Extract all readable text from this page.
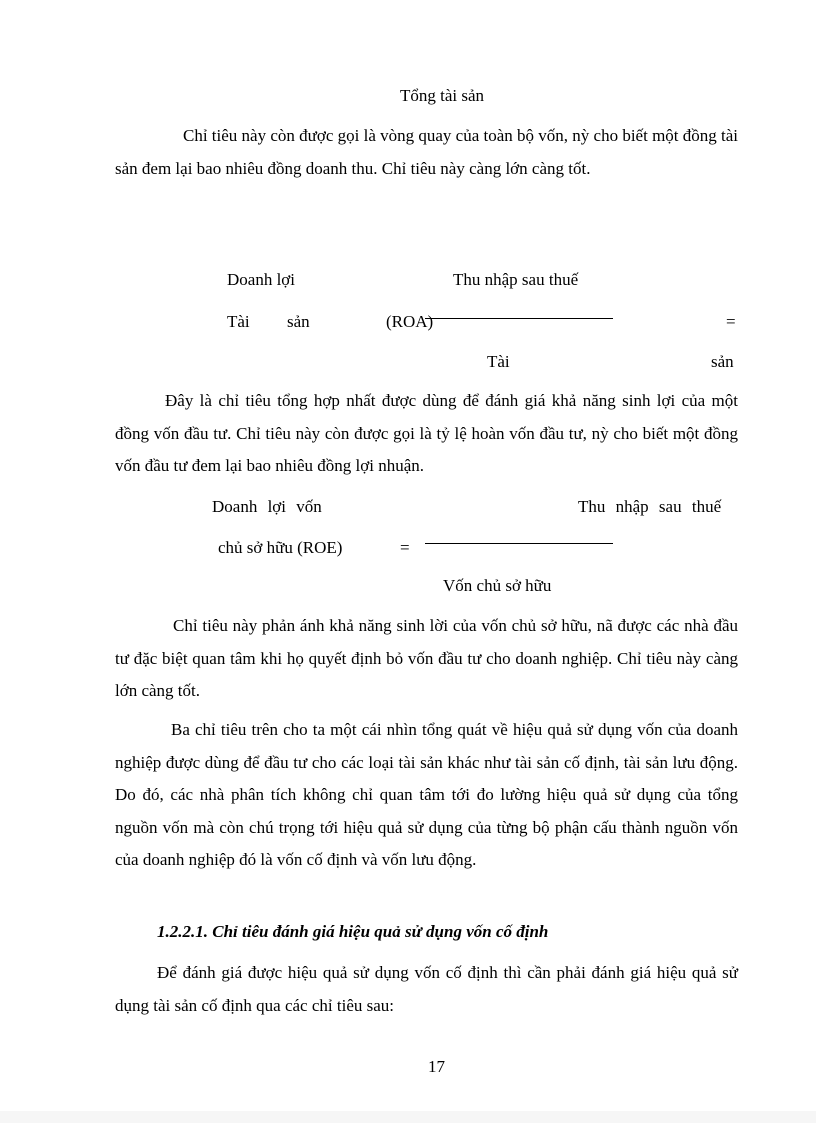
Tổng tài sản
Chỉ tiêu này còn được gọi là vòng quay của toàn bộ vốn, nỳ cho biết một đồng tài sản đem lại bao nhiêu đồng doanh thu. Chỉ tiêu này càng lớn càng tốt.
Doanh lợi	Thu nhập sau thuế
Tài sản	(ROA)	=
Tài	sản
Đây là chỉ tiêu tổng hợp nhất được dùng để đánh giá khả năng sinh lợi của một đồng vốn đầu tư. Chỉ tiêu này còn được gọi là tỷ lệ hoàn vốn đầu tư, nỳ cho biết một đồng vốn đầu tư đem lại bao nhiêu đồng lợi nhuận.
Doanh lợi vốn	Thu nhập sau thuế
chủ sở hữu (ROE)	=
Vốn chủ sở hữu
Chỉ tiêu này phản ánh khả năng sinh lời của vốn chủ sở hữu, nã được các nhà đầu tư đặc biệt quan tâm khi họ quyết định bỏ vốn đầu tư cho doanh nghiệp. Chỉ tiêu này càng lớn càng tốt.
Ba chỉ tiêu trên cho ta một cái nhìn tổng quát về hiệu quả sử dụng vốn của doanh nghiệp được dùng để đầu tư cho các loại tài sản khác như tài sản cố định, tài sản lưu động. Do đó, các nhà phân tích không chỉ quan tâm tới đo lường hiệu quả sử dụng của tổng nguồn vốn mà còn chú trọng tới hiệu quả sử dụng của từng bộ phận cấu thành nguồn vốn của doanh nghiệp đó là vốn cố định và vốn lưu động.
1.2.2.1. Chỉ tiêu đánh giá hiệu quả sử dụng vốn cố định
Để đánh giá được hiệu quả sử dụng vốn cố định thì cần phải đánh giá hiệu quả sử dụng tài sản cố định qua các chỉ tiêu sau:
17
